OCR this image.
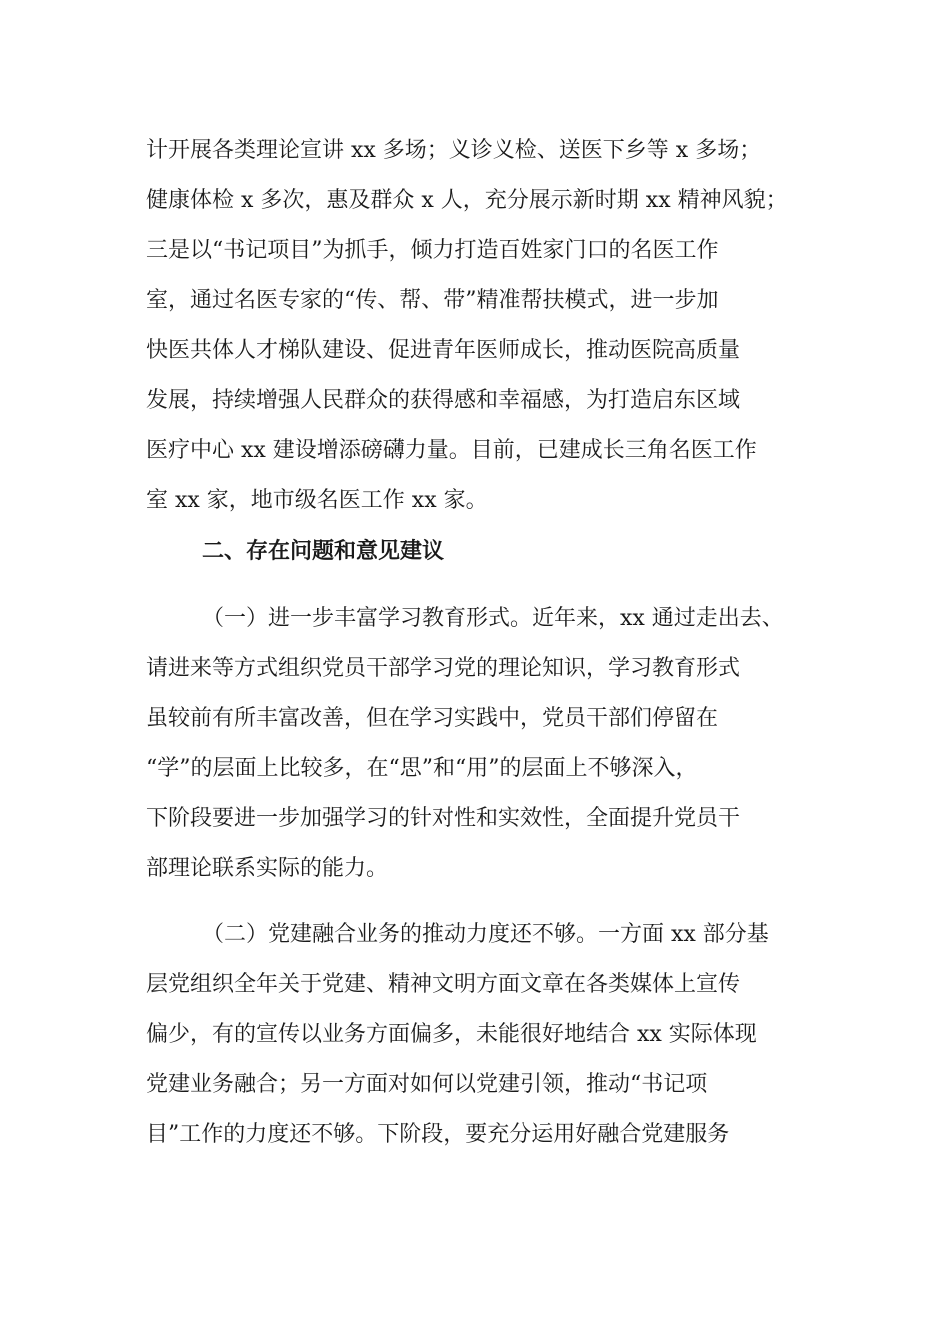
计开展各类理论宣讲 xx 多场；义诊义检、送医下乡等 x 多场；
健康体检 x 多次，惠及群众 x 人，充分展示新时期 xx 精神风貌；
三是以“书记项目”为抓手，倾力打造百姓家门口的名医工作
室，通过名医专家的“传、帮、带”精准帮扶模式，进一步加
快医共体人才梯队建设、促进青年医师成长，推动医院高质量
发展，持续增强人民群众的获得感和幸福感，为打造启东区域
医疗中心 xx 建设增添磅礴力量。目前，已建成长三角名医工作
室 xx 家，地市级名医工作 xx 家。
二、存在问题和意见建议
（一）进一步丰富学习教育形式。近年来，xx 通过走出去、
请进来等方式组织党员干部学习党的理论知识，学习教育形式
虽较前有所丰富改善，但在学习实践中，党员干部们停留在
“学”的层面上比较多，在“思”和“用”的层面上不够深入，
下阶段要进一步加强学习的针对性和实效性，全面提升党员干
部理论联系实际的能力。
（二）党建融合业务的推动力度还不够。一方面 xx 部分基
层党组织全年关于党建、精神文明方面文章在各类媒体上宣传
偏少，有的宣传以业务方面偏多，未能很好地结合 xx 实际体现
党建业务融合；另一方面对如何以党建引领，推动“书记项
目”工作的力度还不够。下阶段，要充分运用好融合党建服务
